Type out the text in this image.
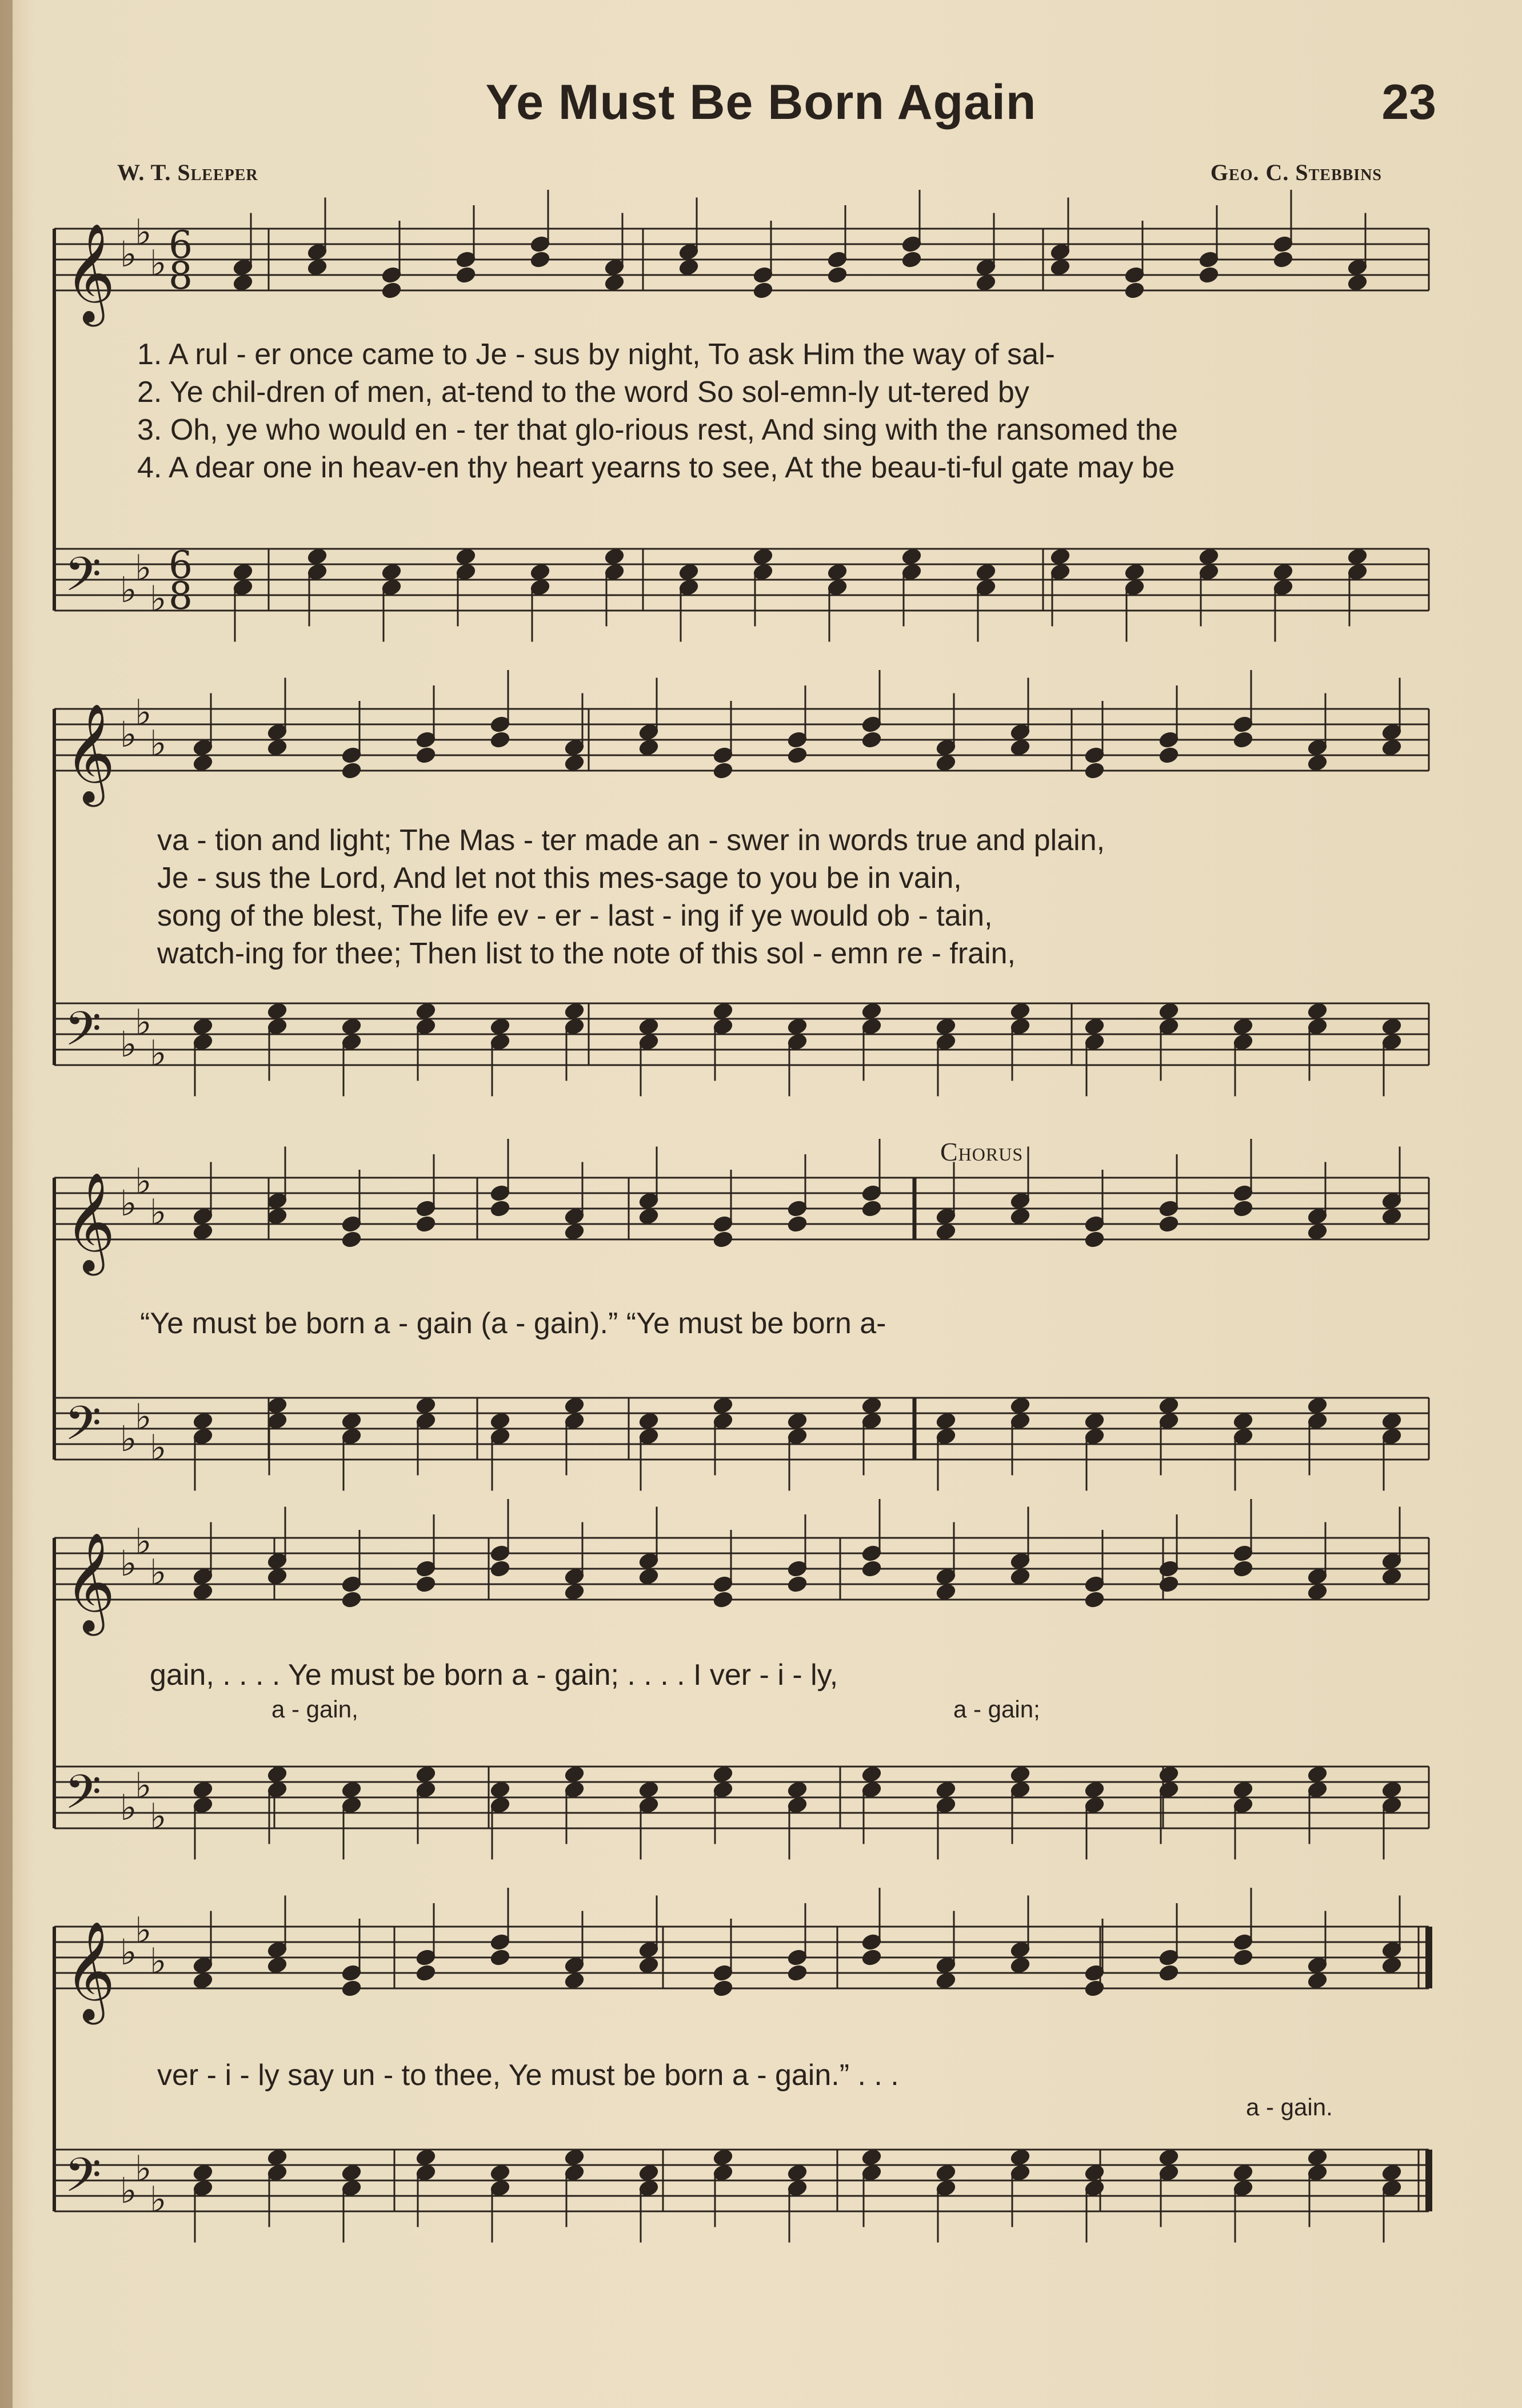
Ye Must Be Born Again	23
W. T. Sleeper	Geo. C. Stebbins
𝄞
𝄢
♭
♭
♭
♭
♭
♭
6
8
6
8
𝄞
𝄢
♭
♭
♭
♭
♭
♭
𝄞
𝄢
♭
♭
♭
♭
♭
♭
𝄞
𝄢
♭
♭
♭
♭
♭
♭
𝄞
𝄢
♭
♭
♭
♭
♭
♭
1. A rul - er once came to Je - sus by night, To ask Him the way of sal-
2. Ye chil-dren of men, at-tend to the word So sol-emn-ly ut-tered by
3. Oh, ye who would en - ter that glo-rious rest, And sing with the ransomed the
4. A dear one in heav-en thy heart yearns to see, At the beau-ti-ful gate may be
va - tion and light; The Mas - ter made an - swer in words true and plain,
Je - sus the Lord, And let not this mes-sage to you be in vain,
song of the blest, The life ev - er - last - ing if ye would ob - tain,
watch-ing for thee; Then list to the note of this sol - emn re - frain,
Chorus
“Ye must be born a - gain (a - gain).” “Ye must be born a-
gain, . . . . Ye must be born a - gain; . . . . I ver - i - ly,
a - gain,	a - gain;
ver - i - ly say un - to thee, Ye must be born a - gain.” . . .
a - gain.
